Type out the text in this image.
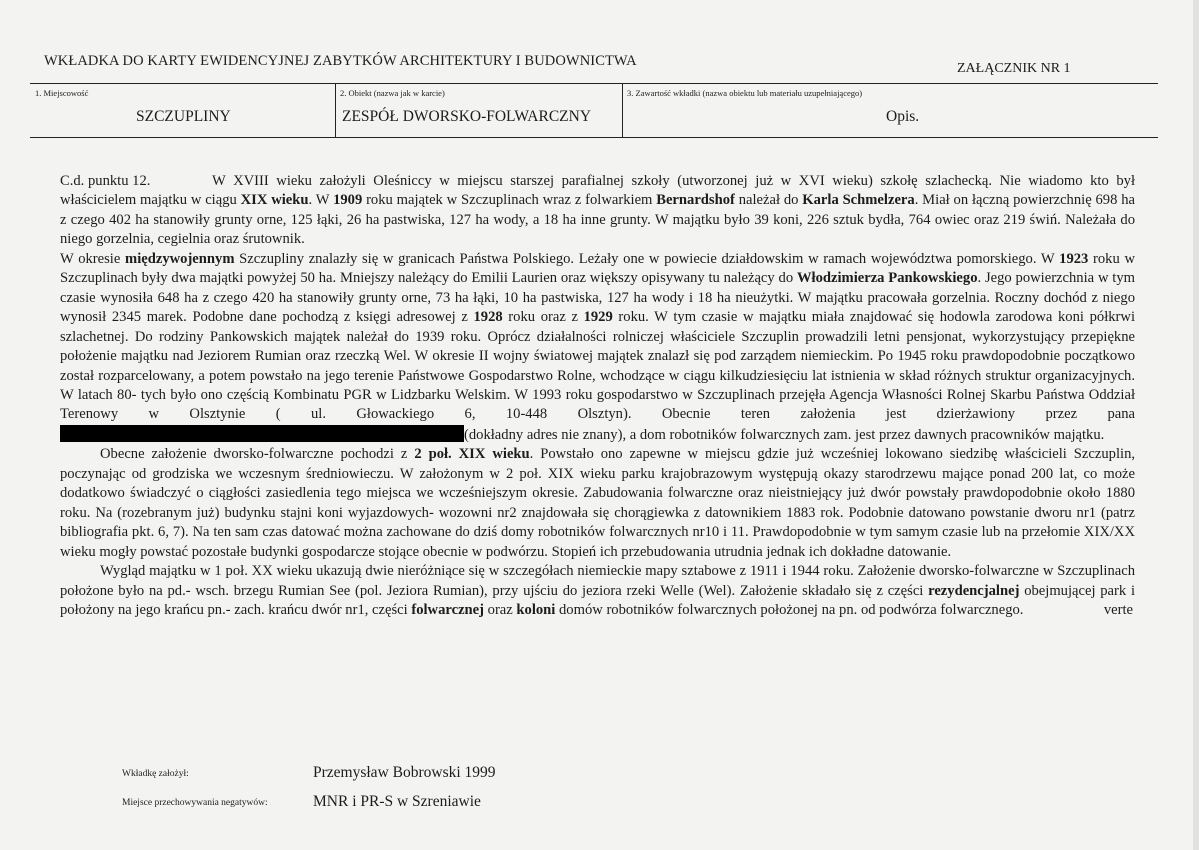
WKŁADKA DO KARTY EWIDENCYJNEJ ZABYTKÓW ARCHITEKTURY I BUDOWNICTWA	ZAŁĄCZNIK NR 1
1. Miejscowość
SZCZUPLINY
2. Obiekt (nazwa jak w karcie)
ZESPÓŁ DWORSKO-FOLWARCZNY
3. Zawartość wkładki (nazwa obiektu lub materiału uzupełniającego)
Opis.

C.d. punktu 12.	W XVIII wieku założyli Oleśniccy w miejscu starszej parafialnej szkoły (utworzonej już w XVI wieku) szkołę szlachecką. Nie wiadomo kto był właścicielem majątku w ciągu XIX wieku. W 1909 roku majątek w Szczuplinach wraz z folwarkiem Bernardshof należał do Karla Schmelzera. Miał on łączną powierzchnię 698 ha z czego 402 ha stanowiły grunty orne, 125 łąki, 26 ha pastwiska, 127 ha wody, a 18 ha inne grunty. W majątku było 39 koni, 226 sztuk bydła, 764 owiec oraz 219 świń. Należała do niego gorzelnia, cegielnia oraz śrutownik.

W okresie międzywojennym Szczupliny znalazły się w granicach Państwa Polskiego. Leżały one w powiecie działdowskim w ramach województwa pomorskiego. W 1923 roku w Szczuplinach były dwa majątki powyżej 50 ha. Mniejszy należący do Emilii Laurien oraz większy opisywany tu należący do Włodzimierza Pankowskiego. Jego powierzchnia w tym czasie wynosiła 648 ha z czego 420 ha stanowiły grunty orne, 73 ha łąki, 10 ha pastwiska, 127 ha wody i 18 ha nieużytki. W majątku pracowała gorzelnia. Roczny dochód z niego wynosił 2345 marek. Podobne dane pochodzą z księgi adresowej z 1928 roku oraz z 1929 roku. W tym czasie w majątku miała znajdować się hodowla zarodowa koni półkrwi szlachetnej. Do rodziny Pankowskich majątek należał do 1939 roku. Oprócz działalności rolniczej właściciele Szczuplin prowadzili letni pensjonat, wykorzystujący przepiękne położenie majątku nad Jeziorem Rumian oraz rzeczką Wel. W okresie II wojny światowej majątek znalazł się pod zarządem niemieckim. Po 1945 roku prawdopodobnie początkowo został rozparcelowany, a potem powstało na jego terenie Państwowe Gospodarstwo Rolne, wchodzące w ciągu kilkudziesięciu lat istnienia w skład różnych struktur organizacyjnych. W latach 80- tych było ono częścią Kombinatu PGR w Lidzbarku Welskim. W 1993 roku gospodarstwo w Szczuplinach przejęła Agencja Własności Rolnej Skarbu Państwa Oddział Terenowy w Olsztynie ( ul. Głowackiego 6, 10-448 Olsztyn). Obecnie teren założenia jest dzierżawiony przez pana(dokładny adres nie znany), a dom robotników folwarcznych zam. jest przez dawnych pracowników majątku.

Obecne założenie dworsko-folwarczne pochodzi z 2 poł. XIX wieku. Powstało ono zapewne w miejscu gdzie już wcześniej lokowano siedzibę właścicieli Szczuplin, poczynając od grodziska we wczesnym średniowieczu. W założonym w 2 poł. XIX wieku parku krajobrazowym występują okazy starodrzewu mające ponad 200 lat, co może dodatkowo świadczyć o ciągłości zasiedlenia tego miejsca we wcześniejszym okresie. Zabudowania folwarczne oraz nieistniejący już dwór powstały prawdopodobnie około 1880 roku. Na (rozebranym już) budynku stajni koni wyjazdowych- wozowni nr2 znajdowała się chorągiewka z datownikiem 1883 rok. Podobnie datowano powstanie dworu nr1 (patrz bibliografia pkt. 6, 7). Na ten sam czas datować można zachowane do dziś domy robotników folwarcznych nr10 i 11. Prawdopodobnie w tym samym czasie lub na przełomie XIX/XX wieku mogły powstać pozostałe budynki gospodarcze stojące obecnie w podwórzu. Stopień ich przebudowania utrudnia jednak ich dokładne datowanie.

Wygląd majątku w 1 poł. XX wieku ukazują dwie nieróżniące się w szczegółach niemieckie mapy sztabowe z 1911 i 1944 roku. Założenie dworsko-folwarczne w Szczuplinach położone było na pd.- wsch. brzegu Rumian See (pol. Jeziora Rumian), przy ujściu do jeziora rzeki Welle (Wel). Założenie składało się z części rezydencjalnej obejmującej park i położony na jego krańcu pn.- zach. krańcu dwór nr1, części folwarcznej oraz koloni domów robotników folwarcznych położonej na pn. od podwórza folwarcznego.	verte

Wkładkę założył:	Przemysław Bobrowski 1999
Miejsce przechowywania negatywów:	MNR i PR-S w Szreniawie
